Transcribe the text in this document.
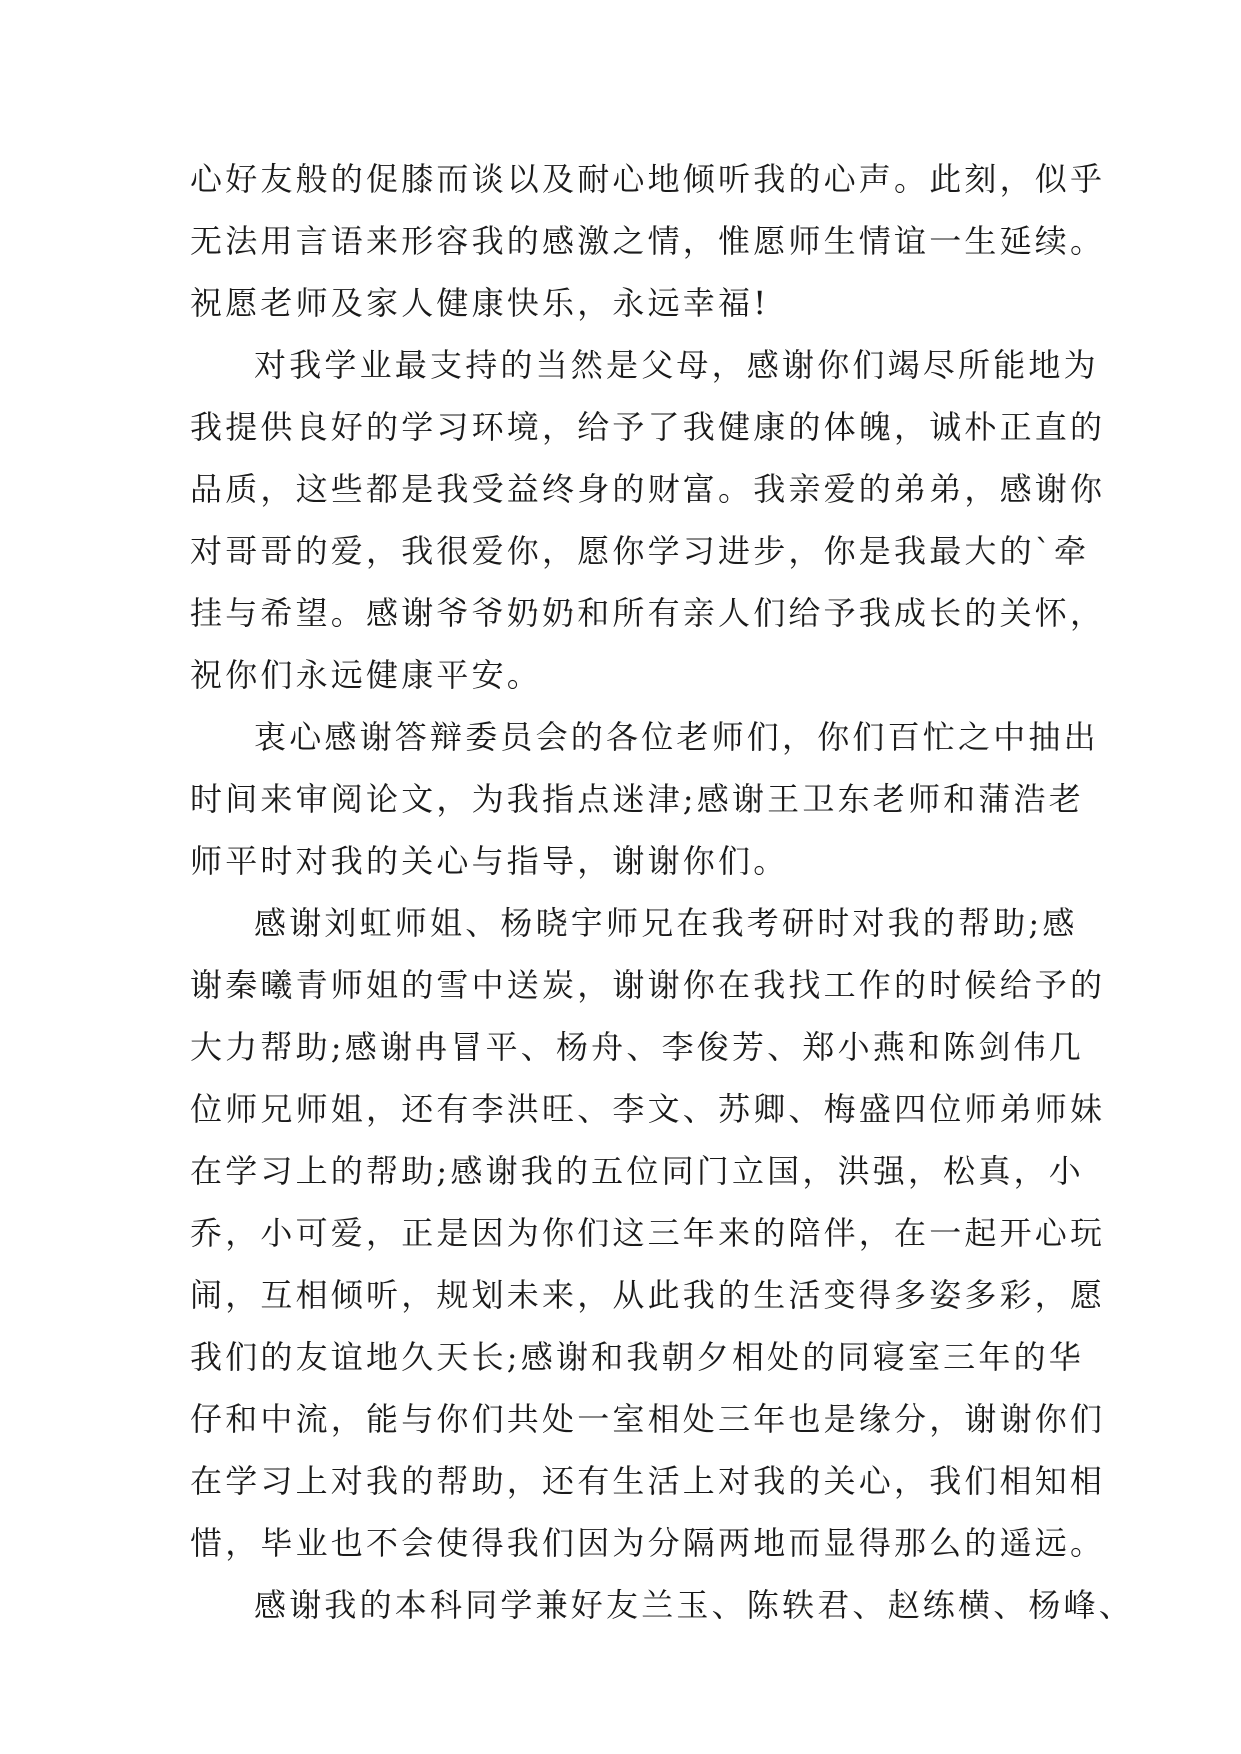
心好友般的促膝而谈以及耐心地倾听我的心声。此刻，似乎
无法用言语来形容我的感激之情，惟愿师生情谊一生延续。
祝愿老师及家人健康快乐，永远幸福!
对我学业最支持的当然是父母，感谢你们竭尽所能地为
我提供良好的学习环境，给予了我健康的体魄，诚朴正直的
品质，这些都是我受益终身的财富。我亲爱的弟弟，感谢你
对哥哥的爱，我很爱你，愿你学习进步，你是我最大的`牵
挂与希望。感谢爷爷奶奶和所有亲人们给予我成长的关怀，
祝你们永远健康平安。
衷心感谢答辩委员会的各位老师们，你们百忙之中抽出
时间来审阅论文，为我指点迷津;感谢王卫东老师和蒲浩老
师平时对我的关心与指导，谢谢你们。
感谢刘虹师姐、杨晓宇师兄在我考研时对我的帮助;感
谢秦曦青师姐的雪中送炭，谢谢你在我找工作的时候给予的
大力帮助;感谢冉冒平、杨舟、李俊芳、郑小燕和陈剑伟几
位师兄师姐，还有李洪旺、李文、苏卿、梅盛四位师弟师妹
在学习上的帮助;感谢我的五位同门立国，洪强，松真，小
乔，小可爱，正是因为你们这三年来的陪伴，在一起开心玩
闹，互相倾听，规划未来，从此我的生活变得多姿多彩，愿
我们的友谊地久天长;感谢和我朝夕相处的同寝室三年的华
仔和中流，能与你们共处一室相处三年也是缘分，谢谢你们
在学习上对我的帮助，还有生活上对我的关心，我们相知相
惜，毕业也不会使得我们因为分隔两地而显得那么的遥远。
感谢我的本科同学兼好友兰玉、陈轶君、赵练横、杨峰、
